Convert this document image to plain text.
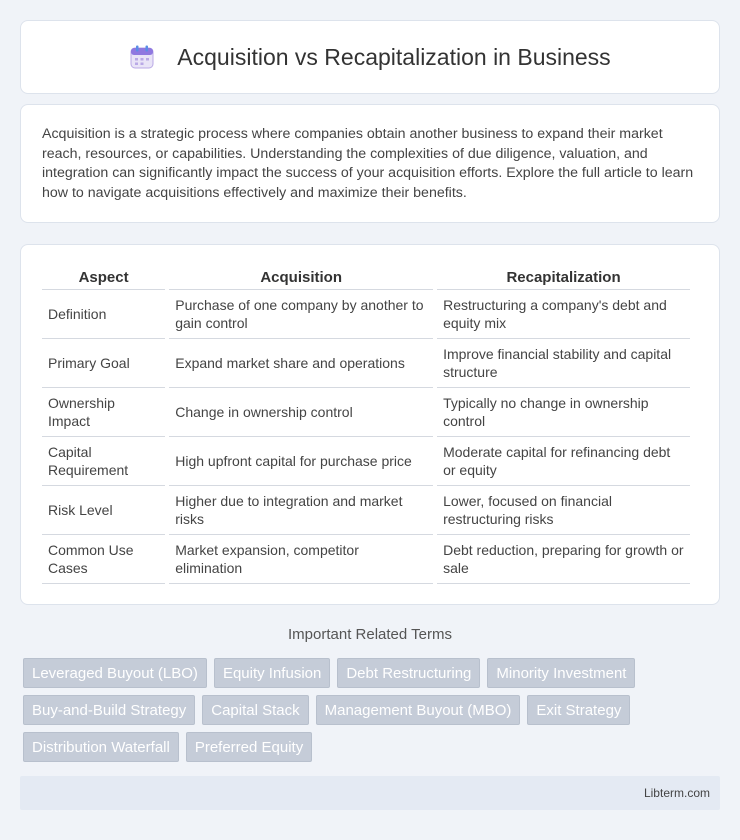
Acquisition vs Recapitalization in Business

Acquisition is a strategic process where companies obtain another business to expand their market reach, resources, or capabilities. Understanding the complexities of due diligence, valuation, and integration can significantly impact the success of your acquisition efforts. Explore the full article to learn how to navigate acquisitions effectively and maximize their benefits.

Aspect	Acquisition	Recapitalization
Definition	Purchase of one company by another to gain control	Restructuring a company's debt and equity mix
Primary Goal	Expand market share and operations	Improve financial stability and capital structure
Ownership Impact	Change in ownership control	Typically no change in ownership control
Capital Requirement	High upfront capital for purchase price	Moderate capital for refinancing debt or equity
Risk Level	Higher due to integration and market risks	Lower, focused on financial restructuring risks
Common Use Cases	Market expansion, competitor elimination	Debt reduction, preparing for growth or sale
Important Related Terms
Leveraged Buyout (LBO)	Equity Infusion	Debt Restructuring	Minority Investment
Buy-and-Build Strategy	Capital Stack	Management Buyout (MBO)	Exit Strategy
Distribution Waterfall	Preferred Equity
Libterm.com
